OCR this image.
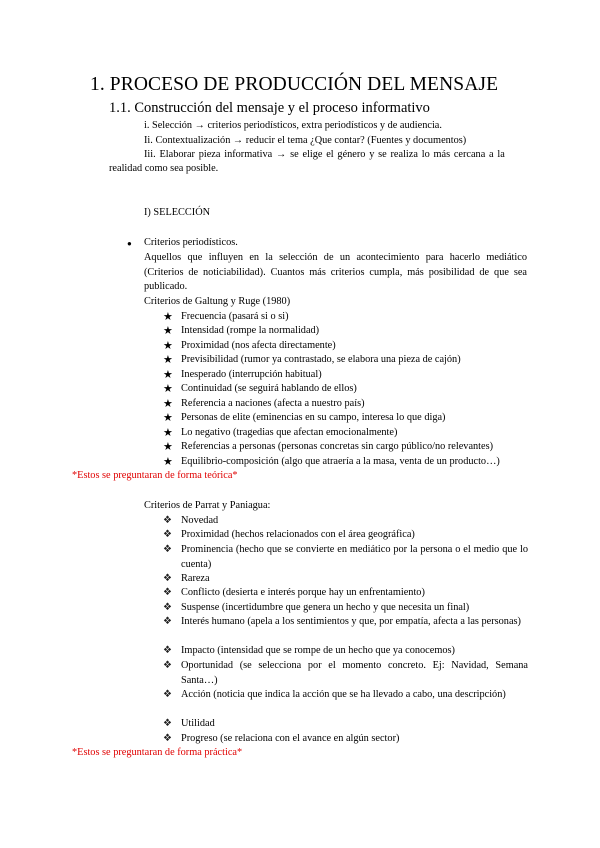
1. PROCESO DE PRODUCCIÓN DEL MENSAJE
1.1. Construcción del mensaje y el proceso informativo
i. Selección → criterios periodísticos, extra periodísticos y de audiencia.
Ii. Contextualización → reducir el tema ¿Que contar? (Fuentes y documentos)
Iii. Elaborar pieza informativa → se elige el género y se realiza lo más cercana a la
realidad como sea posible.
I) SELECCIÓN
● Criterios periodísticos.
Aquellos que influyen en la selección de un acontecimiento para hacerlo mediático (Criterios de noticiabilidad). Cuantos más criterios cumpla, más posibilidad de que sea publicado.
Criterios de Galtung y Ruge (1980)
★ Frecuencia (pasará si o si)
★ Intensidad (rompe la normalidad)
★ Proximidad (nos afecta directamente)
★ Previsibilidad (rumor ya contrastado, se elabora una pieza de cajón)
★ Inesperado (interrupción habitual)
★ Continuidad (se seguirá hablando de ellos)
★ Referencia a naciones (afecta a nuestro país)
★ Personas de elite (eminencias en su campo, interesa lo que diga)
★ Lo negativo (tragedias que afectan emocionalmente)
★ Referencias a personas (personas concretas sin cargo público/no relevantes)
★ Equilibrio-composición (algo que atraería a la masa, venta de un producto…)
*Estos se preguntaran de forma teórica*
Criterios de Parrat y Paniagua:
❖ Novedad
❖ Proximidad (hechos relacionados con el área geográfica)
❖ Prominencia (hecho que se convierte en mediático por la persona o el medio que lo cuenta)
❖ Rareza
❖ Conflicto (desierta e interés porque hay un enfrentamiento)
❖ Suspense (incertidumbre que genera un hecho y que necesita un final)
❖ Interés humano (apela a los sentimientos y que, por empatía, afecta a las personas)
❖ Impacto (intensidad que se rompe de un hecho que ya conocemos)
❖ Oportunidad (se selecciona por el momento concreto. Ej: Navidad, Semana Santa…)
❖ Acción (noticia que indica la acción que se ha llevado a cabo, una descripción)
❖ Utilidad
❖ Progreso (se relaciona con el avance en algún sector)
*Estos se preguntaran de forma práctica*
